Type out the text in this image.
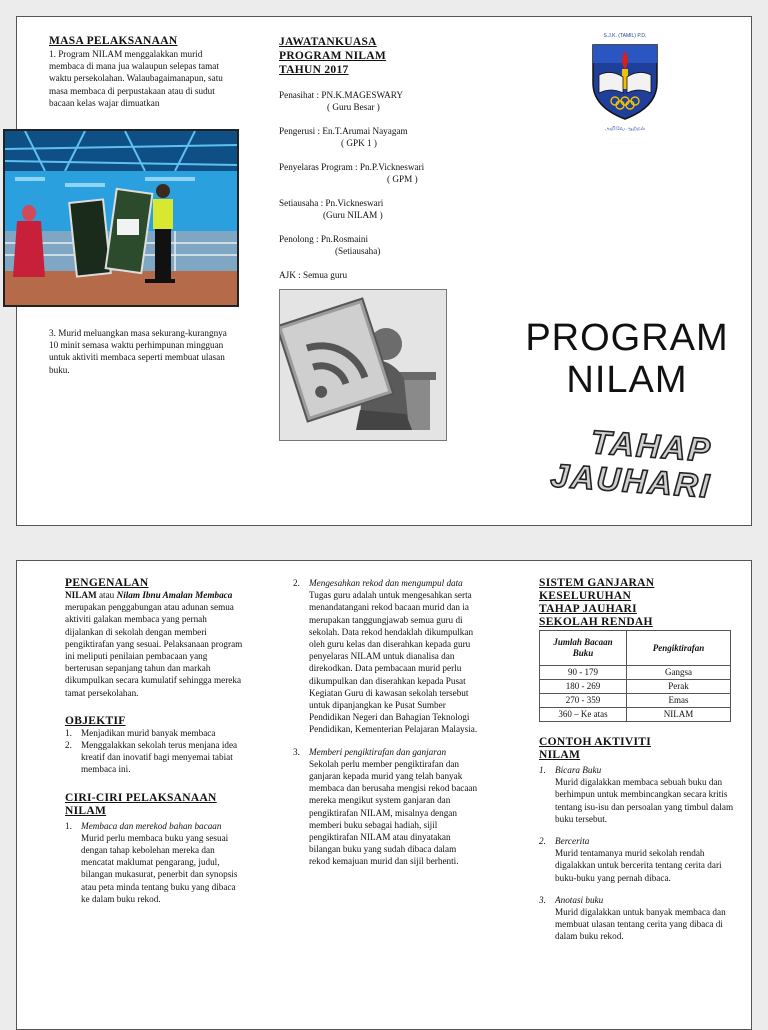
MASA PELAKSANAAN
1. Program NILAM menggalakkan murid membaca di mana jua walaupun selepas tamat waktu persekolahan. Walaubagaimanapun, satu masa membaca di perpustakaan atau di sudut bacaan kelas wajar dimuatkan
3. Murid meluangkan masa sekurang-kurangnya 10 minit semasa waktu perhimpunan mingguan untuk aktiviti membaca seperti membuat ulasan buku.
JAWATANKUASA
PROGRAM NILAM
TAHUN 2017
Penasihat : PN.K.MAGESWARY
( Guru Besar )
Pengerusi : En.T.Arumai Nayagam
( GPK 1 )
Penyelaras Program : Pn.P.Vickneswari
( GPM )
Setiausaha : Pn.Vickneswari
(Guru NILAM )
Penolong : Pn.Rosmaini
(Setiausaha)
AJK : Semua guru
S.J.K. (TAMIL) P.D.
அறிவே ஆற்றல்
PROGRAM
NILAM
TAHAP
JAUHARI
PENGENALAN
NILAM atau Nilam Ibnu Amalan Membaca merupakan penggabungan atau adunan semua aktiviti galakan membaca yang pernah dijalankan di sekolah dengan memberi pengiktirafan yang sesuai. Pelaksanaan program ini meliputi penilaian pembacaan yang berterusan sepanjang tahun dan markah dikumpulkan secara kumulatif sehingga mereka tamat persekolahan.
OBJEKTIF
1. Menjadikan murid banyak membaca
2. Menggalakkan sekolah terus menjana idea kreatif dan inovatif bagi menyemai tabiat membaca ini.
CIRI-CIRI PELAKSANAAN
NILAM
1. Membaca dan merekod bahan bacaan
Murid perlu membaca buku yang sesuai dengan tahap kebolehan mereka dan mencatat maklumat pengarang, judul, bilangan mukasurat, penerbit dan synopsis atau peta minda tentang buku yang dibaca ke dalam buku rekod.
2. Mengesahkan rekod dan mengumpul data
Tugas guru adalah untuk mengesahkan serta menandatangani rekod bacaan murid dan ia merupakan tanggungjawab semua guru di sekolah. Data rekod hendaklah dikumpulkan oleh guru kelas dan diserahkan kepada guru penyelaras NILAM untuk dianalisa dan direkodkan. Data pembacaan murid perlu dikumpulkan dan diserahkan kepada Pusat Kegiatan Guru di kawasan sekolah tersebut untuk dipanjangkan ke Pusat Sumber Pendidikan Negeri dan Bahagian Teknologi Pendidikan, Kementerian Pelajaran Malaysia.
3. Memberi pengiktirafan dan ganjaran
Sekolah perlu member pengiktirafan dan ganjaran kepada murid yang telah banyak membaca dan berusaha mengisi rekod bacaan mereka mengikut system ganjaran dan pengiktirafan NILAM, misalnya dengan memberi buku sebagai hadiah, sijil pengiktirafan NILAM atau dinyatakan bilangan buku yang sudah dibaca dalam rekod kemajuan murid dan sijil berhenti.
SISTEM GANJARAN
KESELURUHAN
TAHAP JAUHARI
SEKOLAH RENDAH
Jumlah Bacaan Buku	Pengiktirafan
90 - 179	Gangsa
180 - 269	Perak
270 - 359	Emas
360 – Ke atas	NILAM
CONTOH AKTIVITI
NILAM
1. Bicara Buku
Murid digalakkan membaca sebuah buku dan berhimpun untuk membincangkan secara kritis tentang isu-isu dan persoalan yang timbul dalam buku tersebut.
2. Bercerita
Murid tentamanya murid sekolah rendah digalakkan untuk bercerita tentang cerita dari buku-buku yang pernah dibaca.
3. Anotasi buku
Murid digalakkan untuk banyak membaca dan membuat ulasan tentang cerita yang dibaca di dalam buku rekod.
